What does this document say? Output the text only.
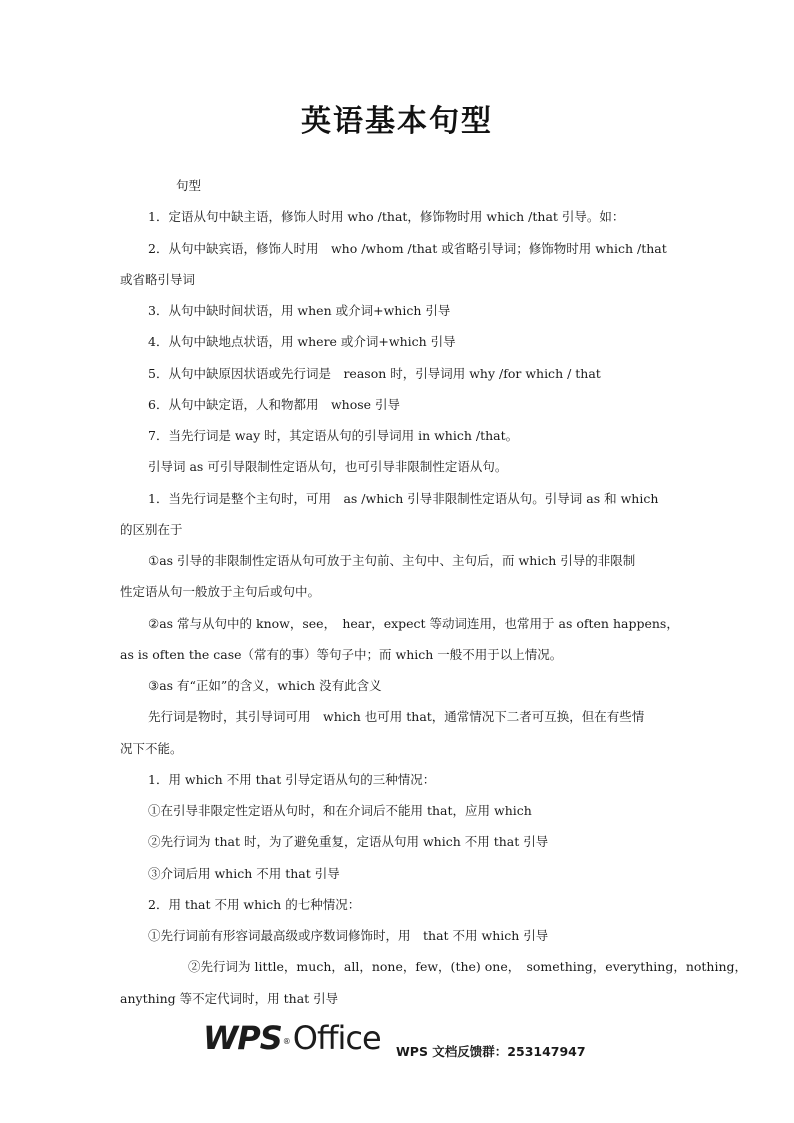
英语基本句型
句型
1．定语从句中缺主语，修饰人时用 who /that，修饰物时用 which /that 引导。如：
2．从句中缺宾语，修饰人时用　who /whom /that 或省略引导词；修饰物时用 which /that
或省略引导词
3．从句中缺时间状语，用 when 或介词+which 引导
4．从句中缺地点状语，用 where 或介词+which 引导
5．从句中缺原因状语或先行词是　reason 时，引导词用 why /for which / that
6．从句中缺定语，人和物都用　whose 引导
7．当先行词是 way 时，其定语从句的引导词用 in which /that。
引导词 as 可引导限制性定语从句，也可引导非限制性定语从句。
1．当先行词是整个主句时，可用　as /which 引导非限制性定语从句。引导词 as 和 which
的区别在于
①as 引导的非限制性定语从句可放于主句前、主句中、主句后，而 which 引导的非限制
性定语从句一般放于主句后或句中。
②as 常与从句中的 know，see，　hear，expect 等动词连用，也常用于 as often happens，
as is often the case（常有的事）等句子中；而 which 一般不用于以上情况。
③as 有“正如”的含义，which 没有此含义
先行词是物时，其引导词可用　which 也可用 that，通常情况下二者可互换，但在有些情
况下不能。
1．用 which 不用 that 引导定语从句的三种情况：
①在引导非限定性定语从句时，和在介词后不能用 that，应用 which
②先行词为 that 时，为了避免重复，定语从句用 which 不用 that 引导
③介词后用 which 不用 that 引导
2．用 that 不用 which 的七种情况：
①先行词前有形容词最高级或序数词修饰时，用　that 不用 which 引导
②先行词为 little，much，all，none，few，(the) one，　something，everything，nothing，
anything 等不定代词时，用 that 引导
WPS®Office WPS 文档反馈群：253147947
